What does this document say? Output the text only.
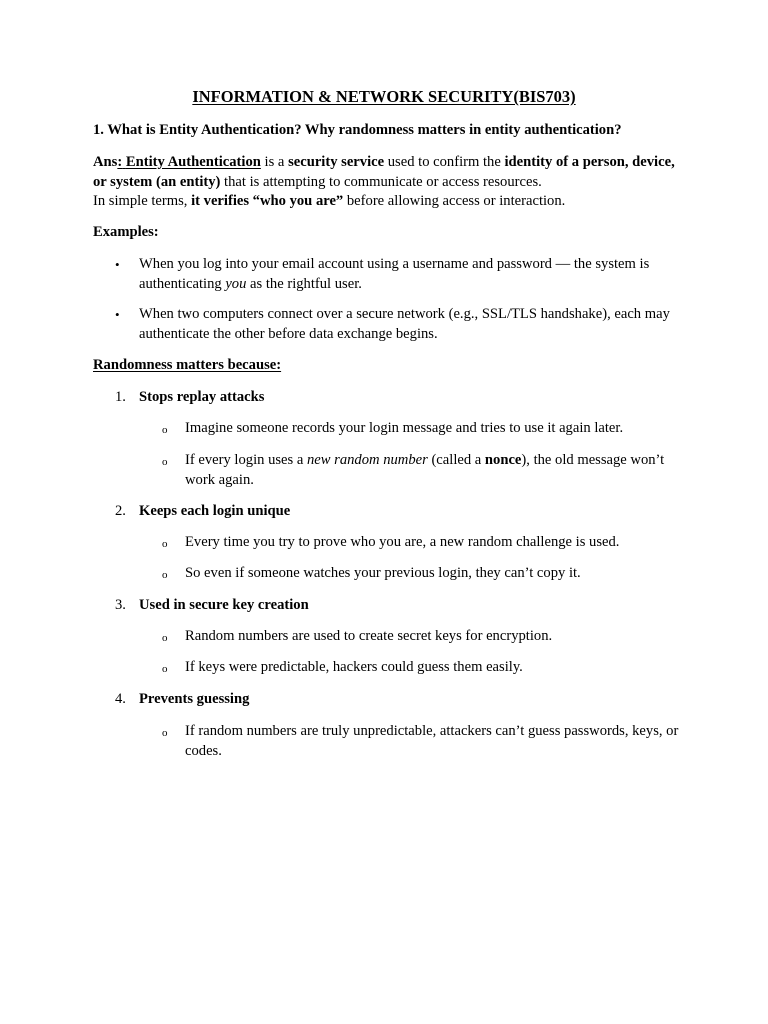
INFORMATION & NETWORK SECURITY(BIS703)
1. What is Entity Authentication? Why randomness matters in entity authentication?
Ans: Entity Authentication is a security service used to confirm the identity of a person, device, or system (an entity) that is attempting to communicate or access resources.
In simple terms, it verifies “who you are” before allowing access or interaction.
Examples:
• When you log into your email account using a username and password — the system is authenticating you as the rightful user.
• When two computers connect over a secure network (e.g., SSL/TLS handshake), each may authenticate the other before data exchange begins.
Randomness matters because:
1. Stops replay attacks
o Imagine someone records your login message and tries to use it again later.
o If every login uses a new random number (called a nonce), the old message won’t work again.
2. Keeps each login unique
o Every time you try to prove who you are, a new random challenge is used.
o So even if someone watches your previous login, they can’t copy it.
3. Used in secure key creation
o Random numbers are used to create secret keys for encryption.
o If keys were predictable, hackers could guess them easily.
4. Prevents guessing
o If random numbers are truly unpredictable, attackers can’t guess passwords, keys, or codes.
